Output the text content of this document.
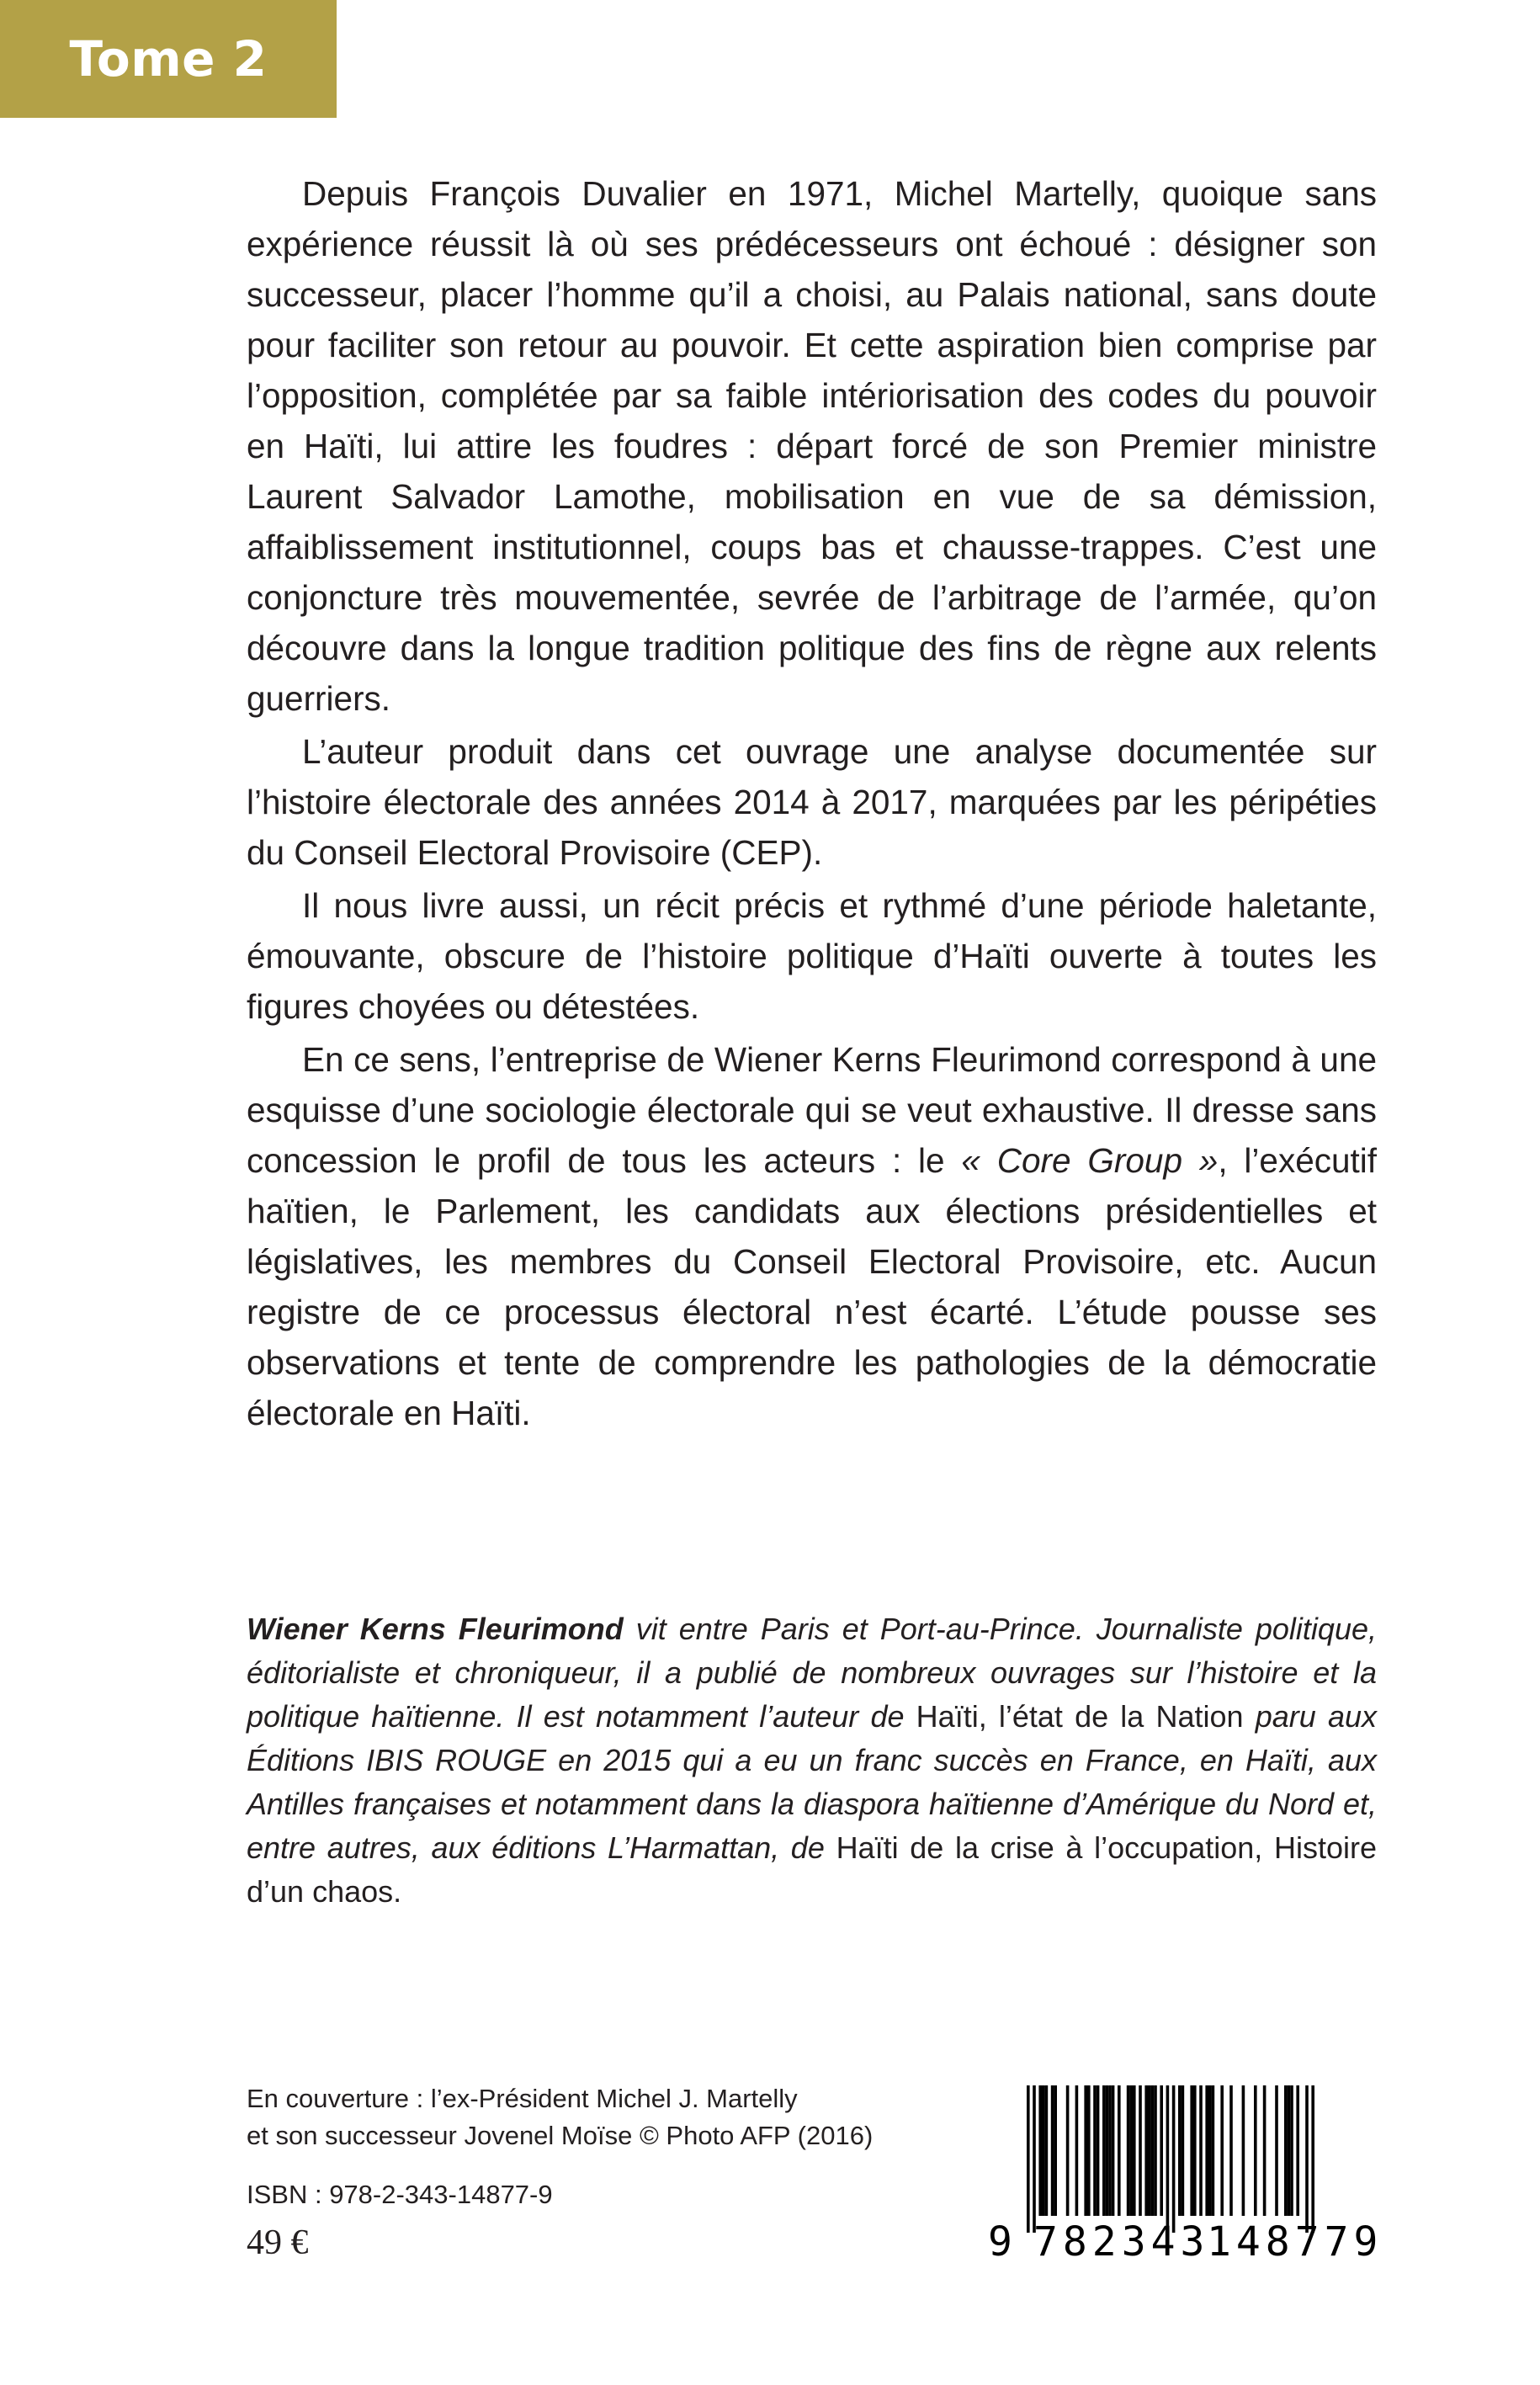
Tome 2

Depuis François Duvalier en 1971, Michel Martelly, quoique sans expérience réussit là où ses prédécesseurs ont échoué : désigner son successeur, placer l’homme qu’il a choisi, au Palais national, sans doute pour faciliter son retour au pouvoir. Et cette aspiration bien comprise par l’opposition, complétée par sa faible intériorisation des codes du pouvoir en Haïti, lui attire les foudres : départ forcé de son Premier ministre Laurent Salvador Lamothe, mobilisation en vue de sa démission, affaiblissement institutionnel, coups bas et chausse-trappes. C’est une conjoncture très mouvementée, sevrée de l’arbitrage de l’armée, qu’on découvre dans la longue tradition politique des fins de règne aux relents guerriers.

L’auteur produit dans cet ouvrage une analyse documentée sur l’histoire électorale des années 2014 à 2017, marquées par les péripéties du Conseil Electoral Provisoire (CEP).

Il nous livre aussi, un récit précis et rythmé d’une période haletante, émouvante, obscure de l’histoire politique d’Haïti ouverte à toutes les figures choyées ou détestées.

En ce sens, l’entreprise de Wiener Kerns Fleurimond correspond à une esquisse d’une sociologie électorale qui se veut exhaustive. Il dresse sans concession le profil de tous les acteurs : le « Core Group », l’exécutif haïtien, le Parlement, les candidats aux élections présidentielles et législatives, les membres du Conseil Electoral Provisoire, etc. Aucun registre de ce processus électoral n’est écarté. L’étude pousse ses observations et tente de comprendre les pathologies de la démocratie électorale en Haïti.

Wiener Kerns Fleurimond vit entre Paris et Port-au-Prince. Journaliste politique, éditorialiste et chroniqueur, il a publié de nombreux ouvrages sur l’histoire et la politique haïtienne. Il est notamment l’auteur de Haïti, l’état de la Nation paru aux Éditions IBIS ROUGE en 2015 qui a eu un franc succès en France, en Haïti, aux Antilles françaises et notamment dans la diaspora haïtienne d’Amérique du Nord et, entre autres, aux éditions L’Harmattan, de Haïti de la crise à l’occupation, Histoire d’un chaos.
En couverture : l’ex-Président Michel J. Martelly
et son successeur Jovenel Moïse © Photo AFP (2016)
ISBN : 978-2-343-14877-9
49 €	9 782343
148779
